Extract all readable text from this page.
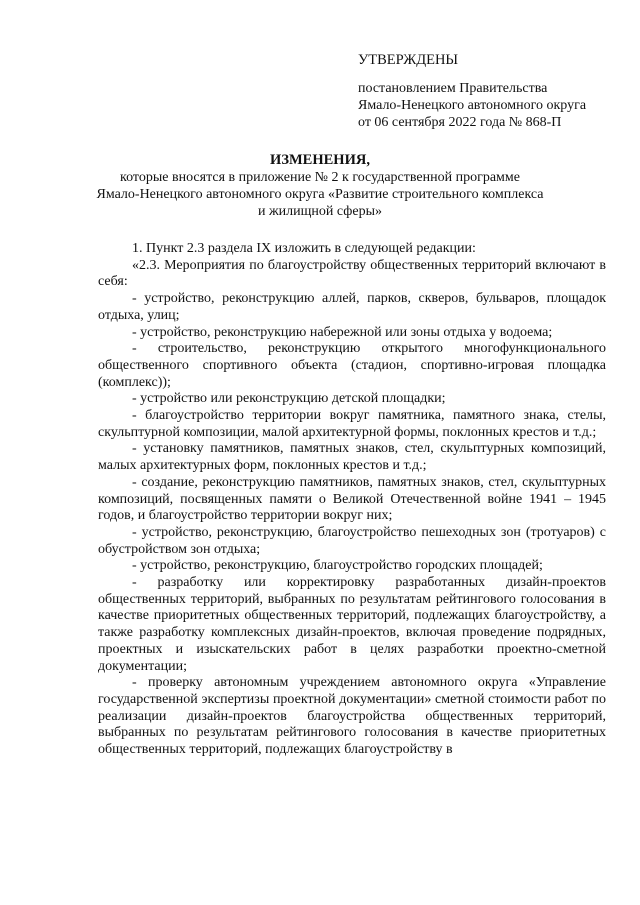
УТВЕРЖДЕНЫ
постановлением Правительства
Ямало-Ненецкого автономного округа
от 06 сентября 2022 года № 868-П
ИЗМЕНЕНИЯ,
которые вносятся в приложение № 2 к государственной программе
Ямало-Ненецкого автономного округа «Развитие строительного комплекса
и жилищной сферы»

1. Пункт 2.3 раздела IX изложить в следующей редакции:

«2.3. Мероприятия по благоустройству общественных территорий включают в себя:

- устройство, реконструкцию аллей, парков, скверов, бульваров, площадок отдыха, улиц;

- устройство, реконструкцию набережной или зоны отдыха у водоема;

- строительство, реконструкцию открытого многофункционального общественного спортивного объекта (стадион, спортивно-игровая площадка (комплекс));

- устройство или реконструкцию детской площадки;

- благоустройство территории вокруг памятника, памятного знака, стелы, скульптурной композиции, малой архитектурной формы, поклонных крестов и т.д.;

- установку памятников, памятных знаков, стел, скульптурных композиций, малых архитектурных форм, поклонных крестов и т.д.;

- создание, реконструкцию памятников, памятных знаков, стел, скульптурных композиций, посвященных памяти о Великой Отечественной войне 1941 – 1945 годов, и благоустройство территории вокруг них;

- устройство, реконструкцию, благоустройство пешеходных зон (тротуаров) с обустройством зон отдыха;

- устройство, реконструкцию, благоустройство городских площадей;

- разработку или корректировку разработанных дизайн-проектов общественных территорий, выбранных по результатам рейтингового голосования в качестве приоритетных общественных территорий, подлежащих благоустройству, а также разработку комплексных дизайн-проектов, включая проведение подрядных, проектных и изыскательских работ в целях разработки проектно-сметной документации;

- проверку автономным учреждением автономного округа «Управление государственной экспертизы проектной документации» сметной стоимости работ по реализации дизайн-проектов благоустройства общественных территорий, выбранных по результатам рейтингового голосования в качестве приоритетных общественных территорий, подлежащих благоустройству в
